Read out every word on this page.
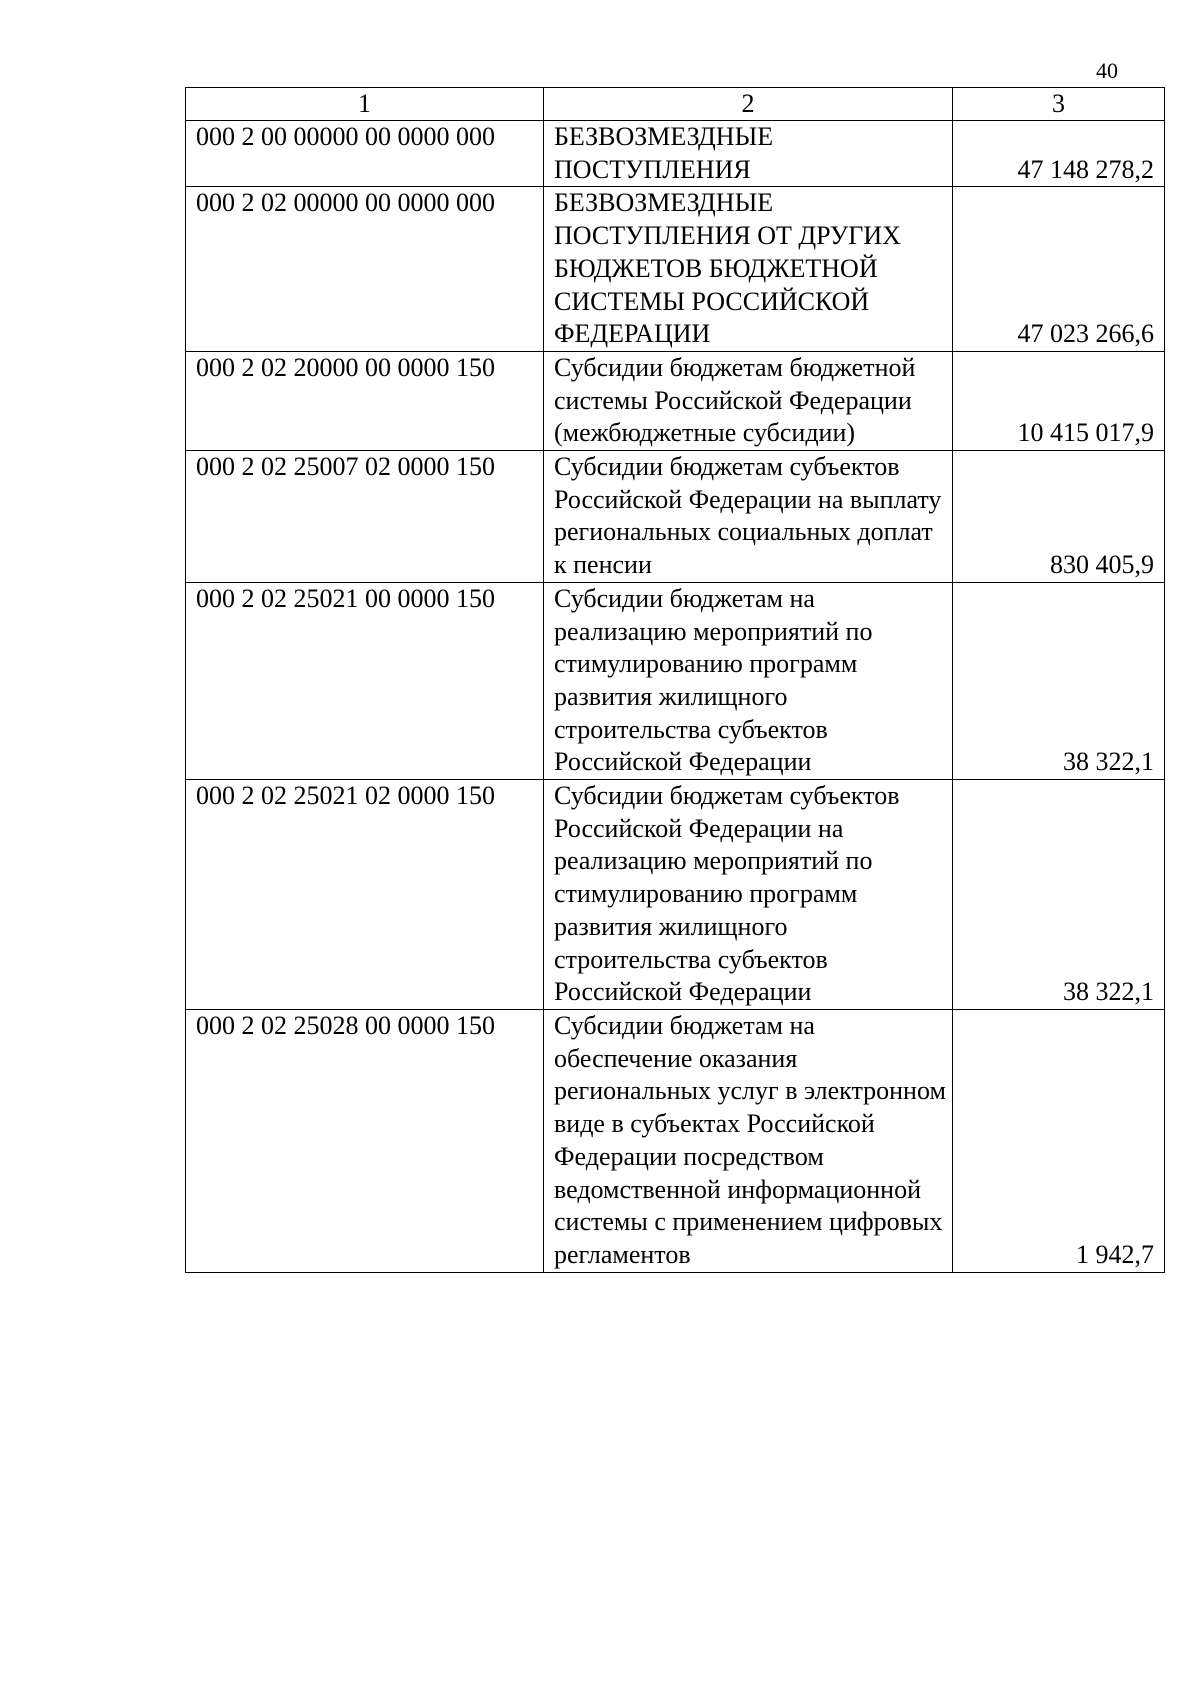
40
1	2	3
000 2 00 00000 00 0000 000	БЕЗВОЗМЕЗДНЫЕ ПОСТУПЛЕНИЯ	47 148 278,2
000 2 02 00000 00 0000 000	БЕЗВОЗМЕЗДНЫЕ ПОСТУПЛЕНИЯ ОТ ДРУГИХ БЮДЖЕТОВ БЮДЖЕТНОЙ СИСТЕМЫ РОССИЙСКОЙ ФЕДЕРАЦИИ	47 023 266,6
000 2 02 20000 00 0000 150	Субсидии бюджетам бюджетной системы Российской Федерации (межбюджетные субсидии)	10 415 017,9
000 2 02 25007 02 0000 150	Субсидии бюджетам субъектов Российской Федерации на выплату региональных социальных доплат к пенсии	830 405,9
000 2 02 25021 00 0000 150	Субсидии бюджетам на реализацию мероприятий по стимулированию программ развития жилищного строительства субъектов Российской Федерации	38 322,1
000 2 02 25021 02 0000 150	Субсидии бюджетам субъектов Российской Федерации на реализацию мероприятий по стимулированию программ развития жилищного строительства субъектов Российской Федерации	38 322,1
000 2 02 25028 00 0000 150	Субсидии бюджетам на обеспечение оказания региональных услуг в электронном виде в субъектах Российской Федерации посредством ведомственной информационной системы с применением цифровых регламентов	1 942,7
